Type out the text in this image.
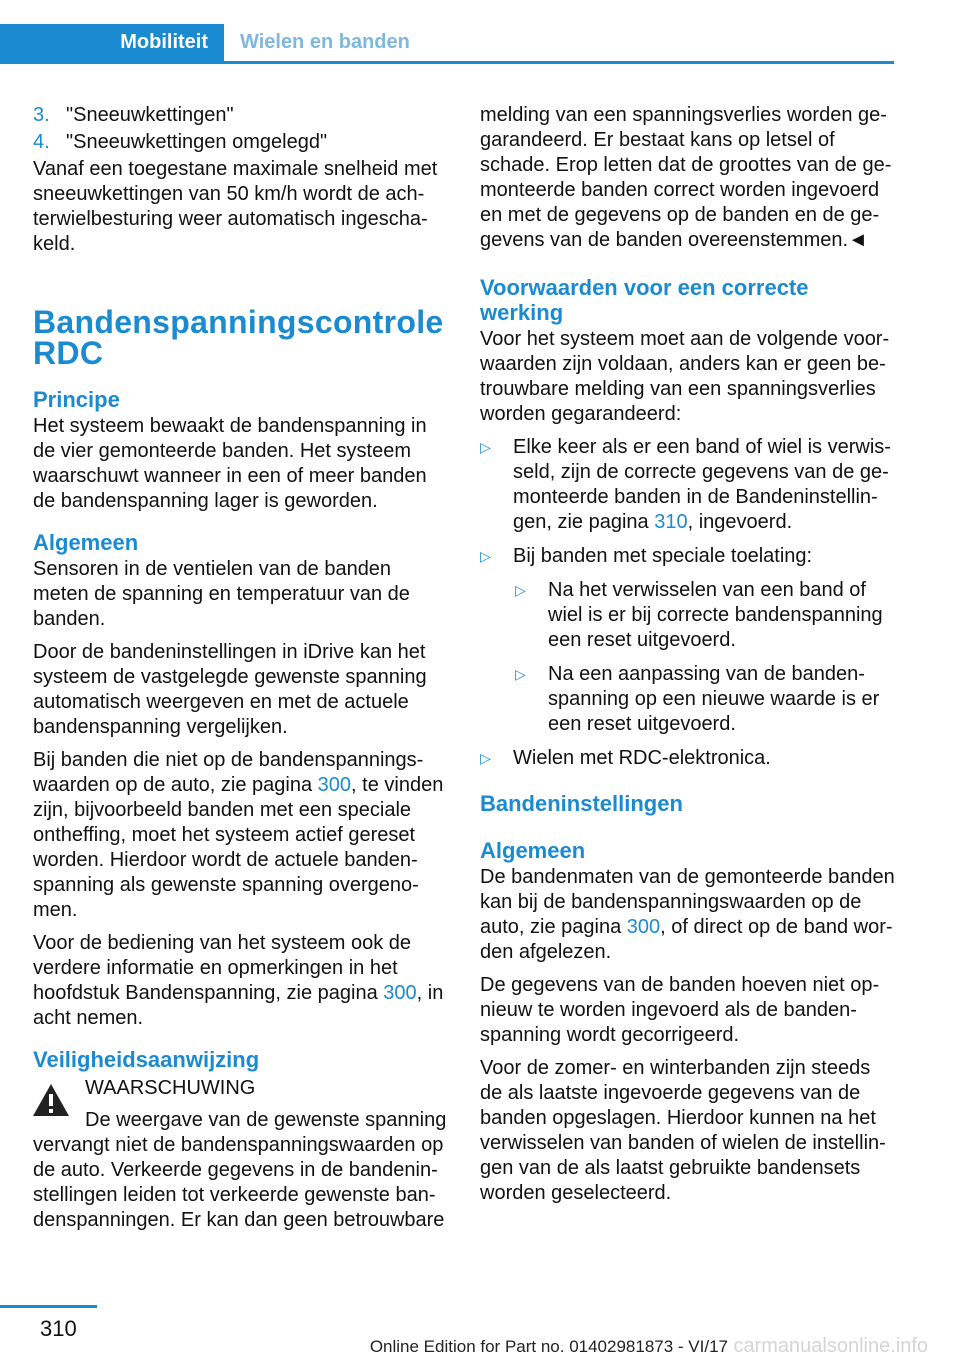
Mobiliteit	Wielen en banden
3. "Sneeuwkettingen"
4. "Sneeuwkettingen omgelegd"

Vanaf een toegestane maximale snelheid met sneeuwkettingen van 50 km/h wordt de ach- terwielbesturing weer automatisch ingescha- keld.

Bandenspanningscontrole RDC
Principe

Het systeem bewaakt de bandenspanning in de vier gemonteerde banden. Het systeem waarschuwt wanneer in een of meer banden de bandenspanning lager is geworden.

Algemeen

Sensoren in de ventielen van de banden meten de spanning en temperatuur van de banden.

Door de bandeninstellingen in iDrive kan het systeem de vastgelegde gewenste spanning automatisch weergeven en met de actuele bandenspanning vergelijken.

Bij banden die niet op de bandenspannings- waarden op de auto, zie pagina 300, te vinden zijn, bijvoorbeeld banden met een speciale ontheffing, moet het systeem actief gereset worden. Hierdoor wordt de actuele banden- spanning als gewenste spanning overgeno- men.

Voor de bediening van het systeem ook de verdere informatie en opmerkingen in het hoofdstuk Bandenspanning, zie pagina 300, in acht nemen.

Veiligheidsaanwijzing
WAARSCHUWING
De weergave van de gewenste spanning vervangt niet de bandenspanningswaarden op de auto. Verkeerde gegevens in de bandenin- stellingen leiden tot verkeerde gewenste ban- denspanningen. Er kan dan geen betrouwbare

melding van een spanningsverlies worden ge- garandeerd. Er bestaat kans op letsel of schade. Erop letten dat de groottes van de ge- monteerde banden correct worden ingevoerd en met de gegevens op de banden en de ge- gevens van de banden overeenstemmen.◄

Voorwaarden voor een correcte werking

Voor het systeem moet aan de volgende voor- waarden zijn voldaan, anders kan er geen be- trouwbare melding van een spanningsverlies worden gegarandeerd:

▷	Elke keer als er een band of wiel is verwis- seld, zijn de correcte gegevens van de ge- monteerde banden in de Bandeninstellin- gen, zie pagina 310, ingevoerd.
▷	Bij banden met speciale toelating:
▷	Na het verwisselen van een band of wiel is er bij correcte bandenspanning een reset uitgevoerd.
▷	Na een aanpassing van de banden- spanning op een nieuwe waarde is er een reset uitgevoerd.
▷	Wielen met RDC-elektronica.
Bandeninstellingen
Algemeen

De bandenmaten van de gemonteerde banden kan bij de bandenspanningswaarden op de auto, zie pagina 300, of direct op de band wor- den afgelezen.

De gegevens van de banden hoeven niet op- nieuw te worden ingevoerd als de banden- spanning wordt gecorrigeerd.

Voor de zomer- en winterbanden zijn steeds de als laatste ingevoerde gegevens van de banden opgeslagen. Hierdoor kunnen na het verwisselen van banden of wielen de instellin- gen van de als laatst gebruikte bandensets worden geselecteerd.

310
Online Edition for Part no. 01402981873 - VI/17 carmanualsonline.info
